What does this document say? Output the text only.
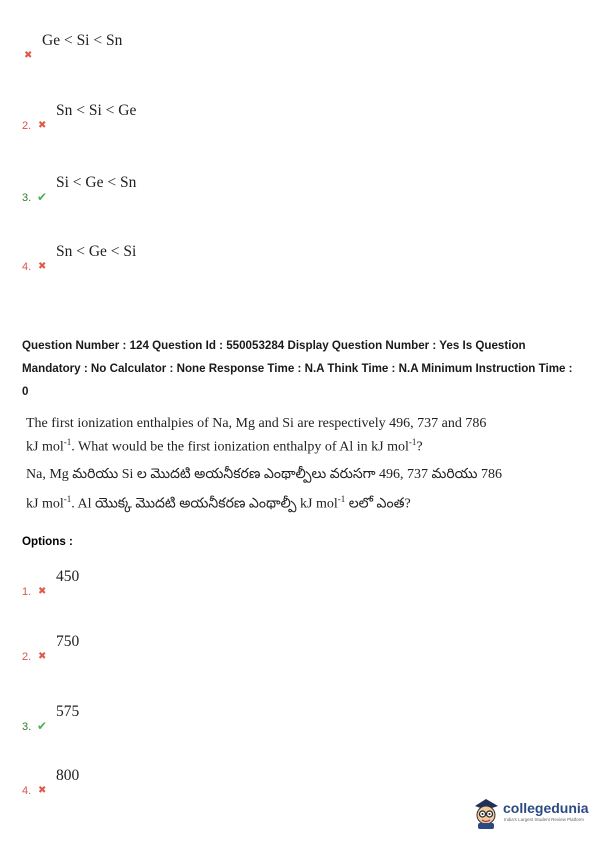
✖
Ge < Si < Sn
2. ✖
Sn < Si < Ge
3. ✔
Si < Ge < Sn
4. ✖
Sn < Ge < Si
Question Number : 124 Question Id : 550053284 Display Question Number : Yes Is Question Mandatory : No Calculator : None Response Time : N.A Think Time : N.A Minimum Instruction Time : 0
The first ionization enthalpies of Na, Mg and Si are respectively 496, 737 and 786
kJ mol$^{-1}$. What would be the first ionization enthalpy of Al in kJ mol$^{-1}$?
Na, Mg మరియు Si ల మొదటి అయనీకరణ ఎంథాల్పీలు వరుసగా 496, 737 మరియు 786
kJ mol$^{-1}$. Al యొక్క మొదటి అయనీకరణ ఎంథాల్పీ kJ mol$^{-1}$ లలో ఎంత?
Options :
1. ✖
450
2. ✖
750
3. ✔
575
4. ✖
800
collegedunia
India's Largest Student Review Platform
